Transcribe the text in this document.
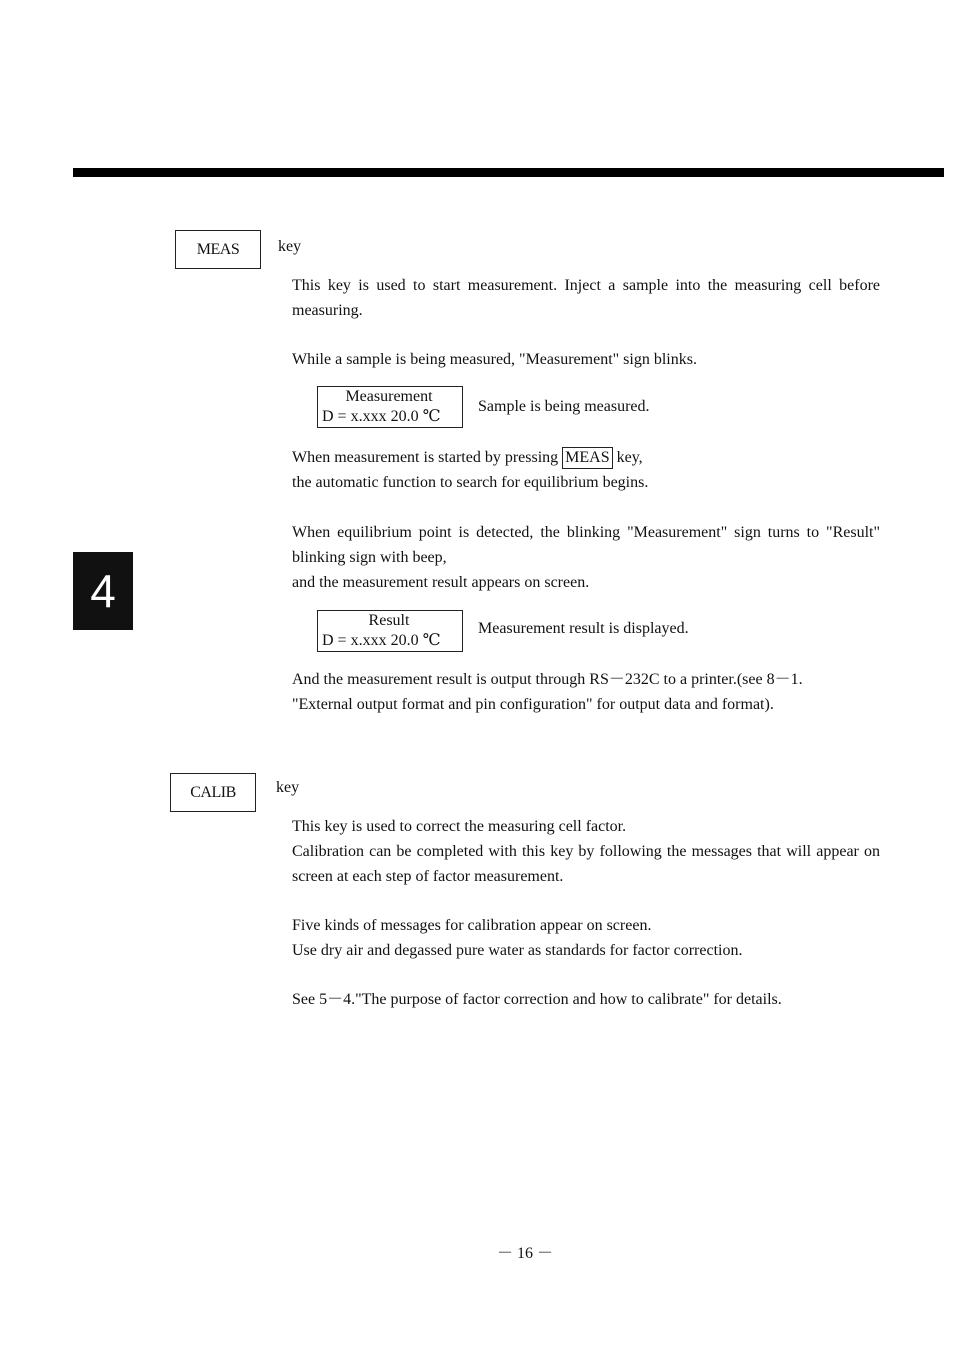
4
MEAS	key

This key is used to start measurement. Inject a sample into the measuring cell before measuring.

While a sample is being measured, "Measurement" sign blinks.

Measurement
D = x.xxx 20.0 ℃
Sample is being measured.

When measurement is started by pressing MEAS key,
the automatic function to search for equilibrium begins.

When equilibrium point is detected, the blinking "Measurement" sign turns to "Result" blinking sign with beep,
and the measurement result appears on screen.

Result
D = x.xxx 20.0 ℃
Measurement result is displayed.

And the measurement result is output through RS－232C to a printer.(see 8－1.
"External output format and pin configuration" for output data and format).

CALIB	key

This key is used to correct the measuring cell factor.
Calibration can be completed with this key by following the messages that will appear on screen at each step of factor measurement.

Five kinds of messages for calibration appear on screen.
Use dry air and degassed pure water as standards for factor correction.

See 5－4."The purpose of factor correction and how to calibrate" for details.

－ 16 －
